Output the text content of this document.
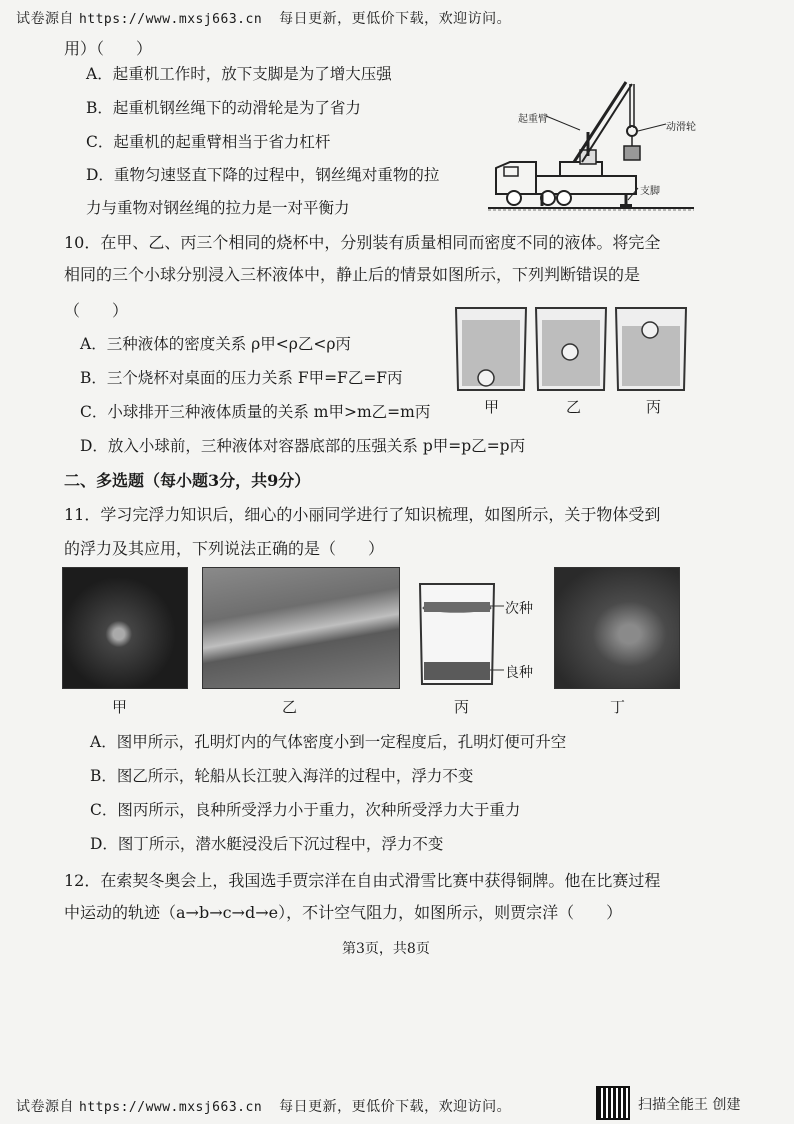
试卷源自 https://www.mxsj663.cn 每日更新，更低价下载，欢迎访问。
用）（　　）
A．起重机工作时，放下支脚是为了增大压强
B．起重机钢丝绳下的动滑轮是为了省力
C．起重机的起重臂相当于省力杠杆
D．重物匀速竖直下降的过程中，钢丝绳对重物的拉
力与重物对钢丝绳的拉力是一对平衡力
起重臂
动滑轮
支脚
10．在甲、乙、丙三个相同的烧杯中，分别装有质量相同而密度不同的液体。将完全
相同的三个小球分别浸入三杯液体中，静止后的情景如图所示，下列判断错误的是
（　　）
A．三种液体的密度关系 ρ甲<ρ乙<ρ丙
B．三个烧杯对桌面的压力关系 F甲=F乙=F丙
C．小球排开三种液体质量的关系 m甲>m乙=m丙
D．放入小球前，三种液体对容器底部的压强关系 p甲=p乙=p丙
甲	乙	丙
二、多选题（每小题3分，共9分）
11．学习完浮力知识后，细心的小丽同学进行了知识梳理，如图所示，关于物体受到
的浮力及其应用，下列说法正确的是（　　）
次种
良种
甲	乙	丙	丁
A．图甲所示，孔明灯内的气体密度小到一定程度后，孔明灯便可升空
B．图乙所示，轮船从长江驶入海洋的过程中，浮力不变
C．图丙所示，良种所受浮力小于重力，次种所受浮力大于重力
D．图丁所示，潜水艇浸没后下沉过程中，浮力不变
12．在索契冬奥会上，我国选手贾宗洋在自由式滑雪比赛中获得铜牌。他在比赛过程
中运动的轨迹（a→b→c→d→e），不计空气阻力，如图所示，则贾宗洋（　　）
第3页，共8页
试卷源自 https://www.mxsj663.cn 每日更新，更低价下载，欢迎访问。	扫描全能王 创建
